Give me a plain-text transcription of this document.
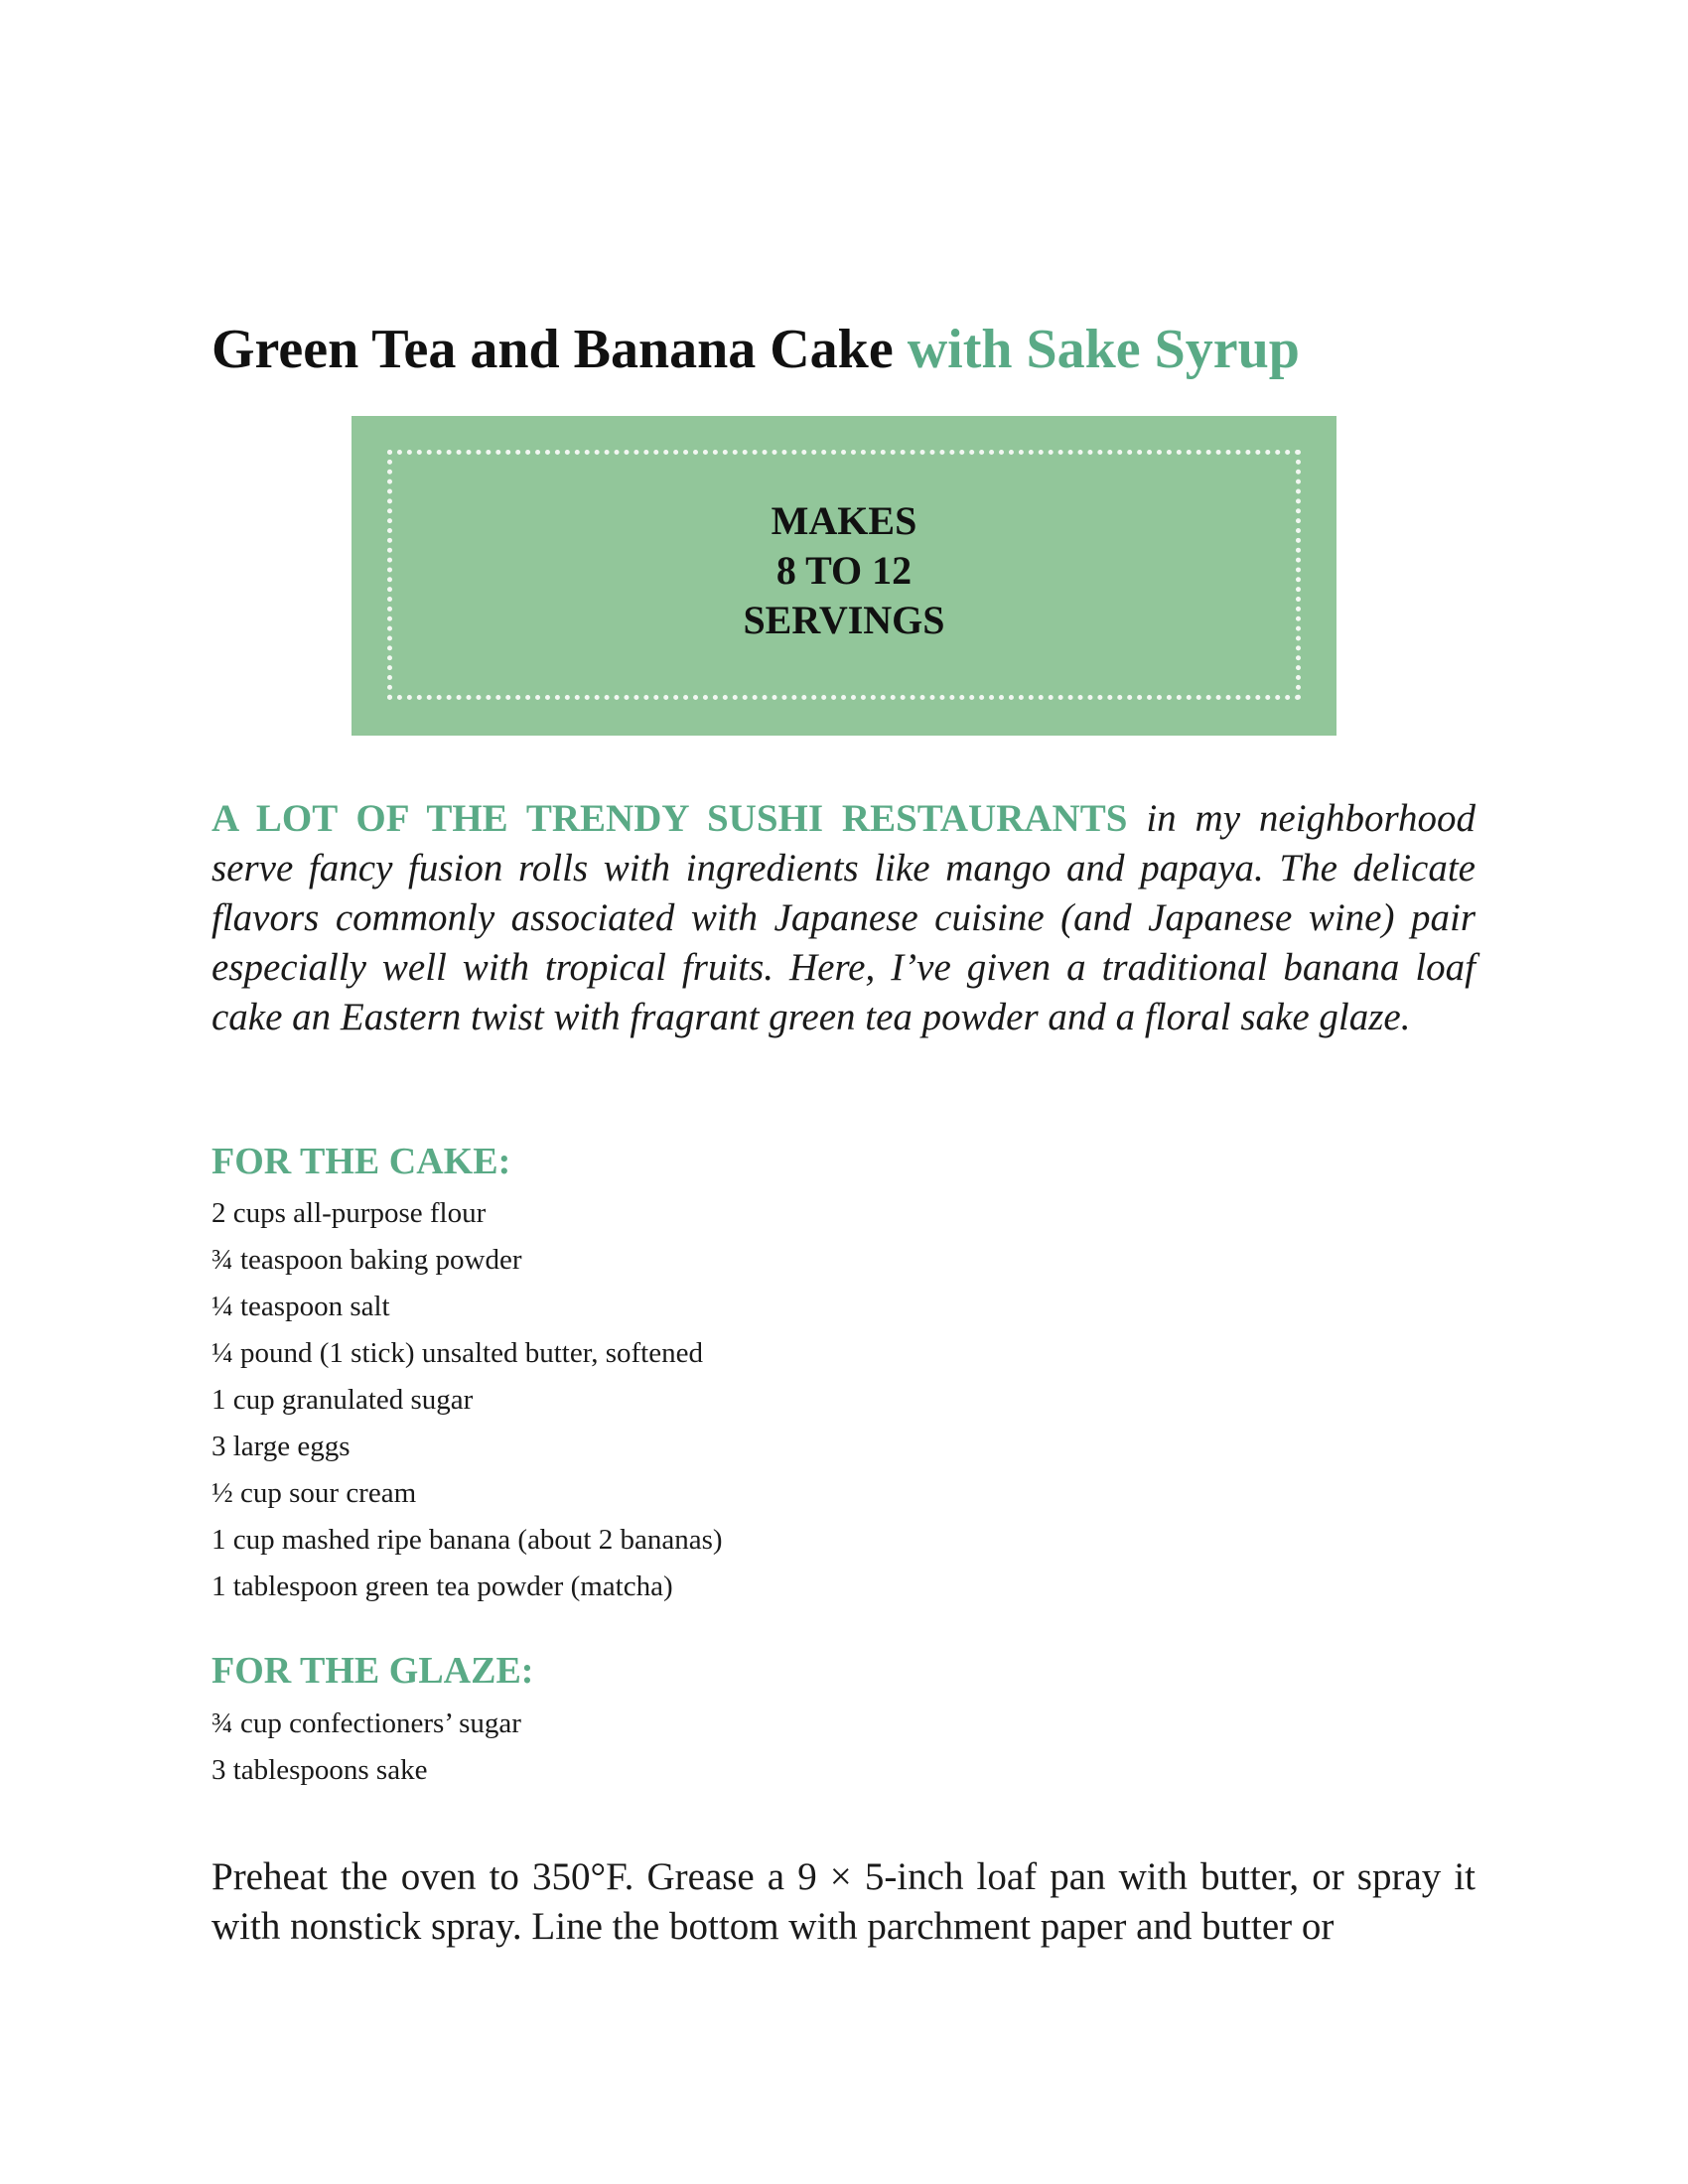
Green Tea and Banana Cake with Sake Syrup
MAKES
8 TO 12
SERVINGS

A LOT OF THE TRENDY SUSHI RESTAURANTS in my neighborhood serve fancy fusion rolls with ingredients like mango and papaya. The delicate flavors commonly associated with Japanese cuisine (and Japanese wine) pair especially well with tropical fruits. Here, I’ve given a traditional banana loaf cake an Eastern twist with fragrant green tea powder and a floral sake glaze.

FOR THE CAKE:
2 cups all-purpose flour
¾ teaspoon baking powder
¼ teaspoon salt
¼ pound (1 stick) unsalted butter, softened
1 cup granulated sugar
3 large eggs
½ cup sour cream
1 cup mashed ripe banana (about 2 bananas)
1 tablespoon green tea powder (matcha)
FOR THE GLAZE:
¾ cup confectioners’ sugar
3 tablespoons sake

Preheat the oven to 350°F. Grease a 9 × 5-inch loaf pan with butter, or spray it with nonstick spray. Line the bottom with parchment paper and butter or
